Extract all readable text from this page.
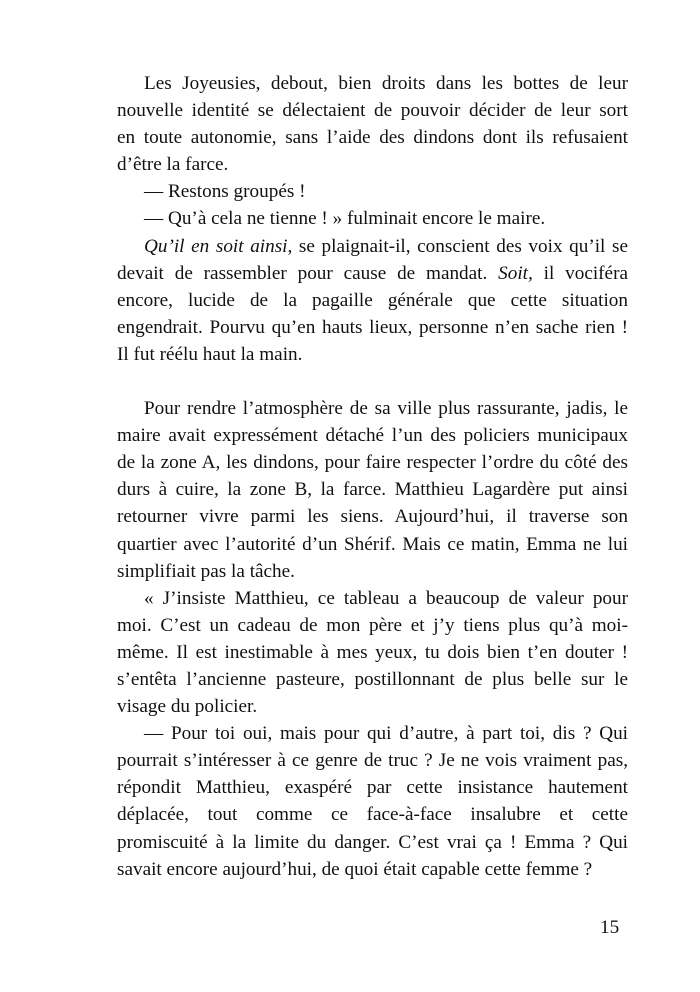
Les Joyeusies, debout, bien droits dans les bottes de leur
nouvelle identité se délectaient de pouvoir décider de leur sort
en toute autonomie, sans l’aide des dindons dont ils refusaient
d’être la farce.
— Restons groupés !
— Qu’à cela ne tienne ! » fulminait encore le maire.
Qu’il en soit ainsi, se plaignait-il, conscient des voix qu’il se
devait de rassembler pour cause de mandat. Soit, il vociféra
encore, lucide de la pagaille générale que cette situation
engendrait. Pourvu qu’en hauts lieux, personne n’en sache rien !
Il fut réélu haut la main.
Pour rendre l’atmosphère de sa ville plus rassurante, jadis, le
maire avait expressément détaché l’un des policiers municipaux
de la zone A, les dindons, pour faire respecter l’ordre du côté des
durs à cuire, la zone B, la farce. Matthieu Lagardère put ainsi
retourner vivre parmi les siens. Aujourd’hui, il traverse son
quartier avec l’autorité d’un Shérif. Mais ce matin, Emma ne lui
simplifiait pas la tâche.
« J’insiste Matthieu, ce tableau a beaucoup de valeur pour
moi. C’est un cadeau de mon père et j’y tiens plus qu’à moi-
même. Il est inestimable à mes yeux, tu dois bien t’en douter !
s’entêta l’ancienne pasteure, postillonnant de plus belle sur le
visage du policier.
— Pour toi oui, mais pour qui d’autre, à part toi, dis ? Qui
pourrait s’intéresser à ce genre de truc ? Je ne vois vraiment pas,
répondit Matthieu, exaspéré par cette insistance hautement
déplacée, tout comme ce face-à-face insalubre et cette
promiscuité à la limite du danger. C’est vrai ça ! Emma ? Qui
savait encore aujourd’hui, de quoi était capable cette femme ?
15
